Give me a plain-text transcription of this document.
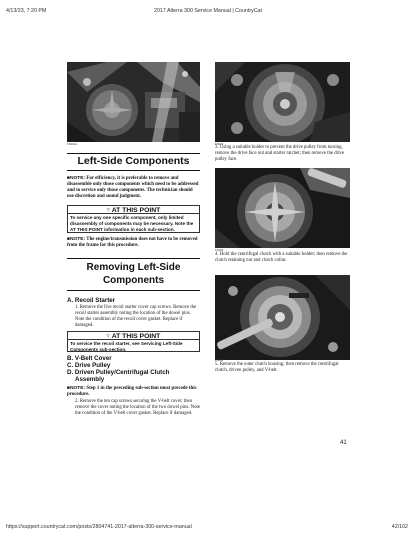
4/13/23, 7:20 PM	2017 Alterra 300 Service Manual | CountryCat
FS001A
Left-Side Components
■NOTE: For efficiency, it is preferable to remove and disassemble only those components which need to be addressed and to service only those components. The technician should use discretion and sound judgment.
▽ AT THIS POINT
To service any one specific component, only limited disassembly of components may be necessary. Note the AT THIS POINT information in each sub-section.
■NOTE: The engine/transmission does not have to be removed from the frame for this procedure.
Removing Left-Side
Components
A. Recoil Starter
1. Remove the five recoil starter cover cap screws. Remove the recoil starter assembly noting the location of the dowel pins. Note the condition of the recoil cover gasket. Replace if damaged.
▽ AT THIS POINT
To service the recoil starter, see Servicing Left-Side Components sub-section.
B. V-Belt Cover
C. Drive Pulley
D. Driven Pulley/Centrifugal Clutch
Assembly
■NOTE: Step 1 in the preceding sub-section must precede this procedure.
2. Remove the ten cap screws securing the V-belt cover; then remove the cover noting the location of the two dowel pins. Note the condition of the V-belt cover gasket. Replace if damaged.
FS002
3. Using a suitable holder to prevent the drive pulley from turning, remove the drive face nut and starter ratchet; then remove the drive pulley face.
FS003
4. Hold the centrifugal clutch with a suitable holder; then remove the clutch retaining nut and clutch collar.
FS004
5. Remove the outer clutch housing; then remove the centrifugal clutch, driven pulley, and V-belt.
41
https://support.countrycat.com/posts/2804741-2017-alterra-300-service-manual	42/102
